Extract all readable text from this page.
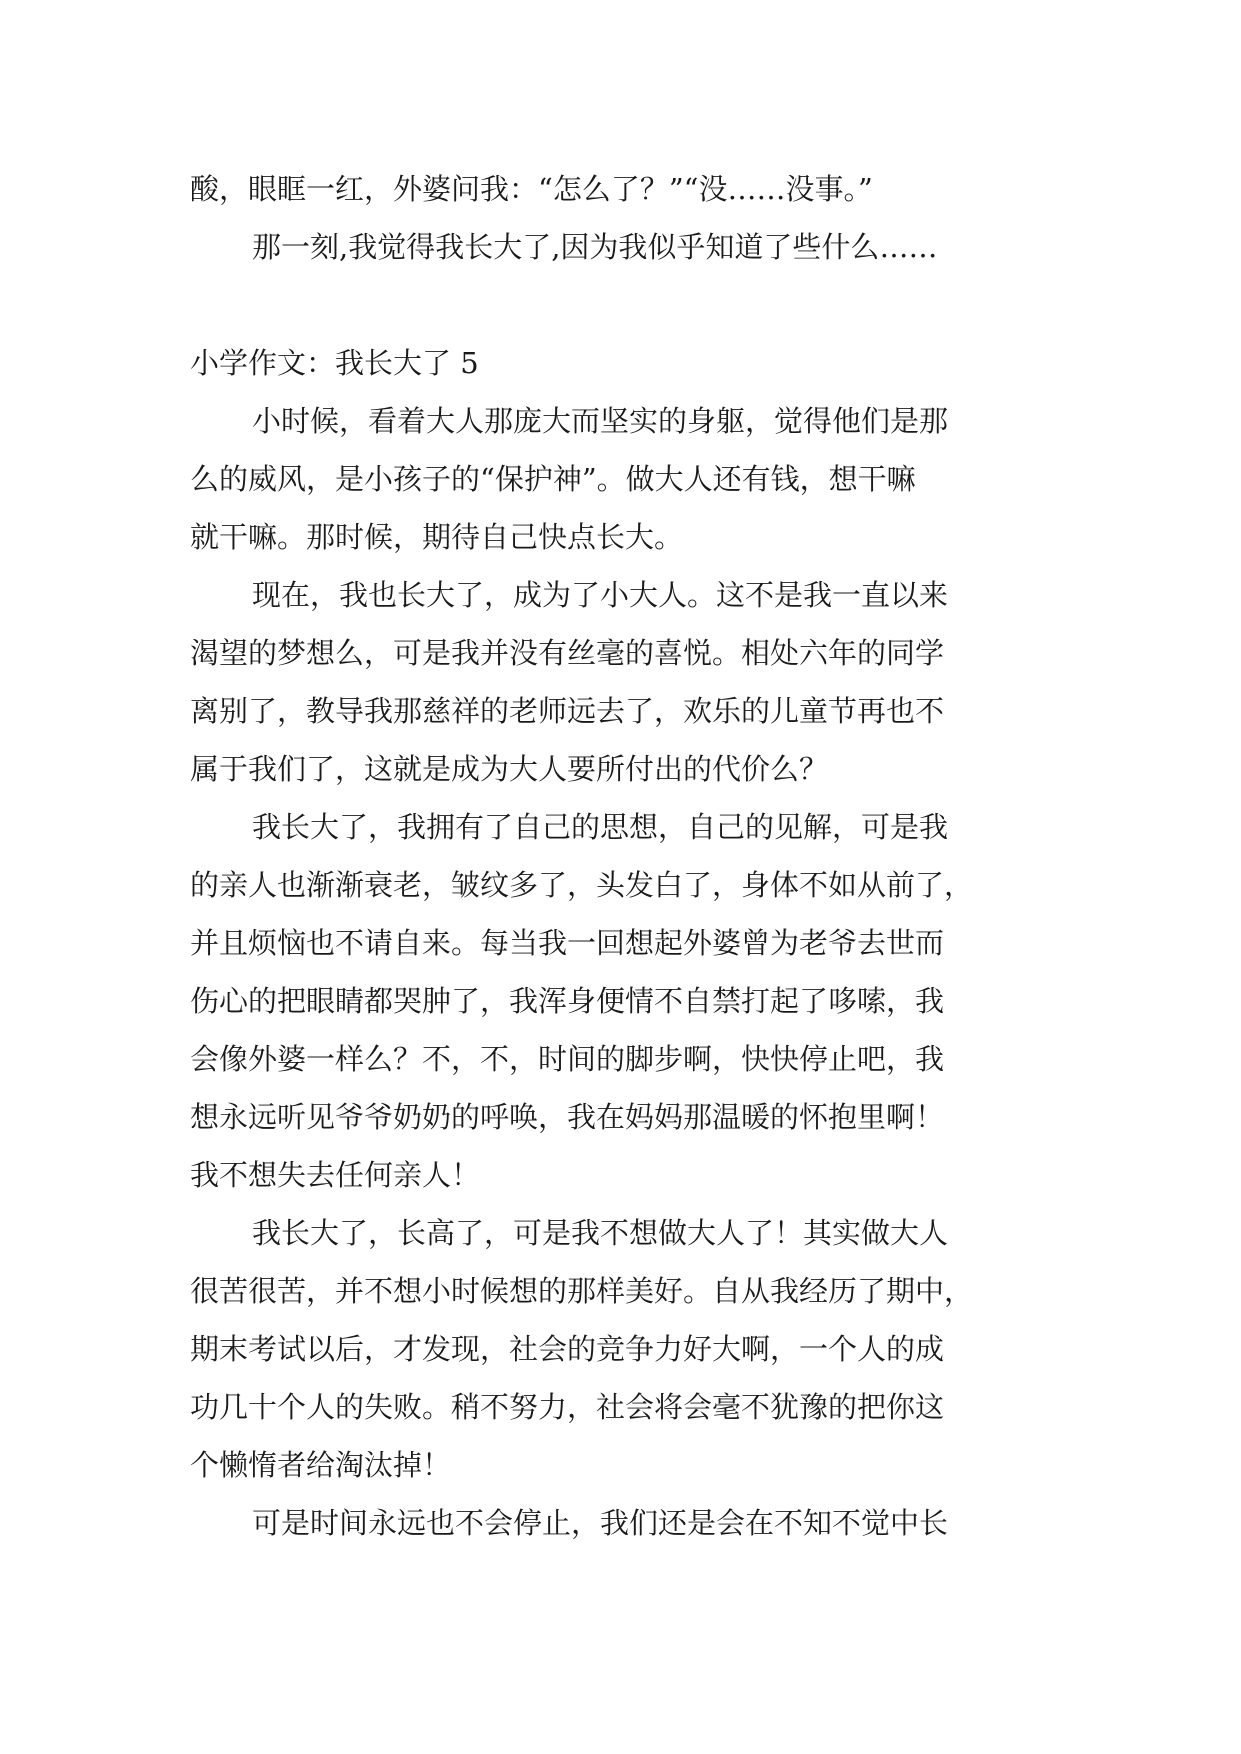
酸，眼眶一红，外婆问我：“怎么了？”“没……没事。”
那一刻,我觉得我长大了,因为我似乎知道了些什么……
小学作文：我长大了 5
小时候，看着大人那庞大而坚实的身躯，觉得他们是那
么的威风，是小孩子的“保护神”。做大人还有钱，想干嘛
就干嘛。那时候，期待自己快点长大。
现在，我也长大了，成为了小大人。这不是我一直以来
渴望的梦想么，可是我并没有丝毫的喜悦。相处六年的同学
离别了，教导我那慈祥的老师远去了，欢乐的儿童节再也不
属于我们了，这就是成为大人要所付出的代价么？
我长大了，我拥有了自己的思想，自己的见解，可是我
的亲人也渐渐衰老，皱纹多了，头发白了，身体不如从前了，
并且烦恼也不请自来。每当我一回想起外婆曾为老爷去世而
伤心的把眼睛都哭肿了，我浑身便情不自禁打起了哆嗦，我
会像外婆一样么？不，不，时间的脚步啊，快快停止吧，我
想永远听见爷爷奶奶的呼唤，我在妈妈那温暖的怀抱里啊！
我不想失去任何亲人！
我长大了，长高了，可是我不想做大人了！其实做大人
很苦很苦，并不想小时候想的那样美好。自从我经历了期中，
期末考试以后，才发现，社会的竞争力好大啊，一个人的成
功几十个人的失败。稍不努力，社会将会毫不犹豫的把你这
个懒惰者给淘汰掉！
可是时间永远也不会停止，我们还是会在不知不觉中长
